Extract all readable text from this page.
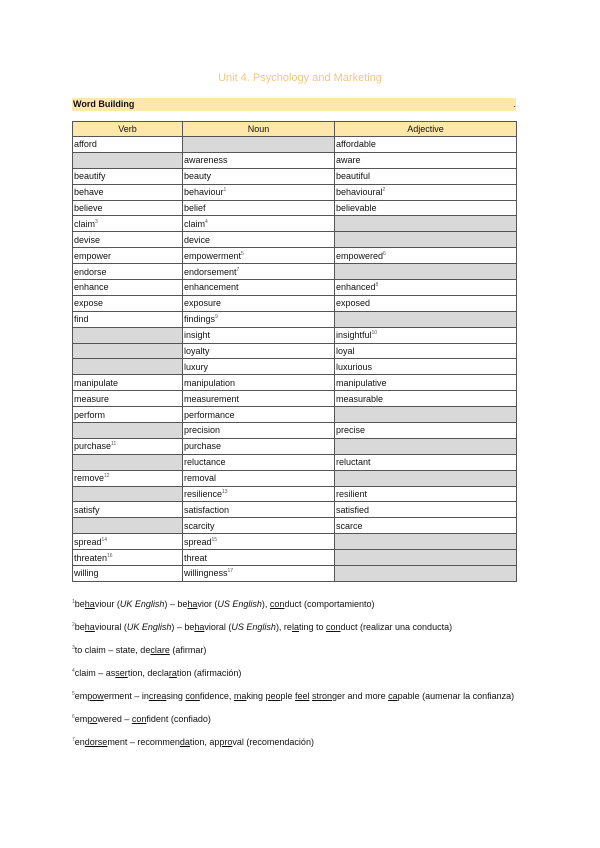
Unit 4. Psychology and Marketing
Word Building	.
Verb	Noun	Adjective
afford		affordable
	awareness	aware
beautify	beauty	beautiful
behave	behaviour$^1$	behavioural$^2$
believe	belief	believable
claim$^3$	claim$^4$	
devise	device	
empower	empowerment$^5$	empowered$^6$
endorse	endorsement$^7$	
enhance	enhancement	enhanced$^8$
expose	exposure	exposed
find	findings$^9$	
	insight	insightful$^{10}$
	loyalty	loyal
	luxury	luxurious
manipulate	manipulation	manipulative
measure	measurement	measurable
perform	performance	
	precision	precise
purchase$^{11}$	purchase	
	reluctance	reluctant
remove$^{12}$	removal	
	resilience$^{13}$	resilient
satisfy	satisfaction	satisfied
	scarcity	scarce
spread$^{14}$	spread$^{15}$	
threaten$^{16}$	threat	
willing	willingness$^{17}$	

$^1$behaviour (UK English) – behavior (US English), conduct (comportamiento)

$^2$behavioural (UK English) – behavioral (US English), relating to conduct (realizar una conducta)

$^3$to claim – state, declare (afirmar)

$^4$claim – assertion, declaration (afirmación)

$^5$empowerment – increasing confidence, making people feel stronger and more capable (aumenar la confianza)

$^6$empowered – confident (confiado)

$^7$endorsement – recommendation, approval (recomendación)
